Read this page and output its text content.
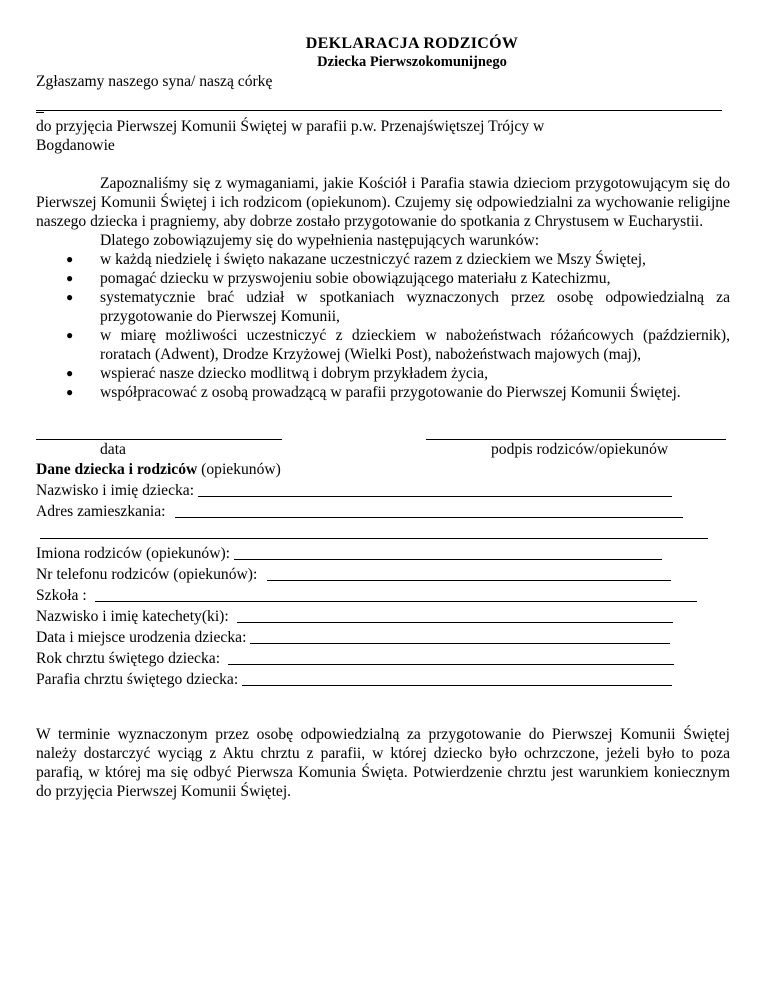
DEKLARACJA RODZICÓW
Dziecka Pierwszokomunijnego
Zgłaszamy naszego syna/ naszą córkę
do przyjęcia Pierwszej Komunii Świętej w parafii p.w. Przenajświętszej Trójcy w
Bogdanowie
Zapoznaliśmy się z wymaganiami, jakie Kościół i Parafia stawia dzieciom przygotowującym się do Pierwszej Komunii Świętej i ich rodzicom (opiekunom). Czujemy się odpowiedzialni za wychowanie religijne naszego dziecka i pragniemy, aby dobrze zostało przygotowanie do spotkania z Chrystusem w Eucharystii.
Dlatego zobowiązujemy się do wypełnienia następujących warunków:
● w każdą niedzielę i święto nakazane uczestniczyć razem z dzieckiem we Mszy Świętej,
● pomagać dziecku w przyswojeniu sobie obowiązującego materiału z Katechizmu,
● systematycznie brać udział w spotkaniach wyznaczonych przez osobę odpowiedzialną za przygotowanie do Pierwszej Komunii,
● w miarę możliwości uczestniczyć z dzieckiem w nabożeństwach różańcowych (październik), roratach (Adwent), Drodze Krzyżowej (Wielki Post), nabożeństwach majowych (maj),
● wspierać nasze dziecko modlitwą i dobrym przykładem życia,
● współpracować z osobą prowadzącą w parafii przygotowanie do Pierwszej Komunii Świętej.
data	podpis rodziców/opiekunów
Dane dziecka i rodziców (opiekunów)
Nazwisko i imię dziecka:
Adres zamieszkania:
Imiona rodziców (opiekunów):
Nr telefonu rodziców (opiekunów):
Szkoła :
Nazwisko i imię katechety(ki):
Data i miejsce urodzenia dziecka:
Rok chrztu świętego dziecka:
Parafia chrztu świętego dziecka:
W terminie wyznaczonym przez osobę odpowiedzialną za przygotowanie do Pierwszej Komunii Świętej należy dostarczyć wyciąg z Aktu chrztu z parafii, w której dziecko było ochrzczone, jeżeli było to poza parafią, w której ma się odbyć Pierwsza Komunia Święta. Potwierdzenie chrztu jest warunkiem koniecznym do przyjęcia Pierwszej Komunii Świętej.
